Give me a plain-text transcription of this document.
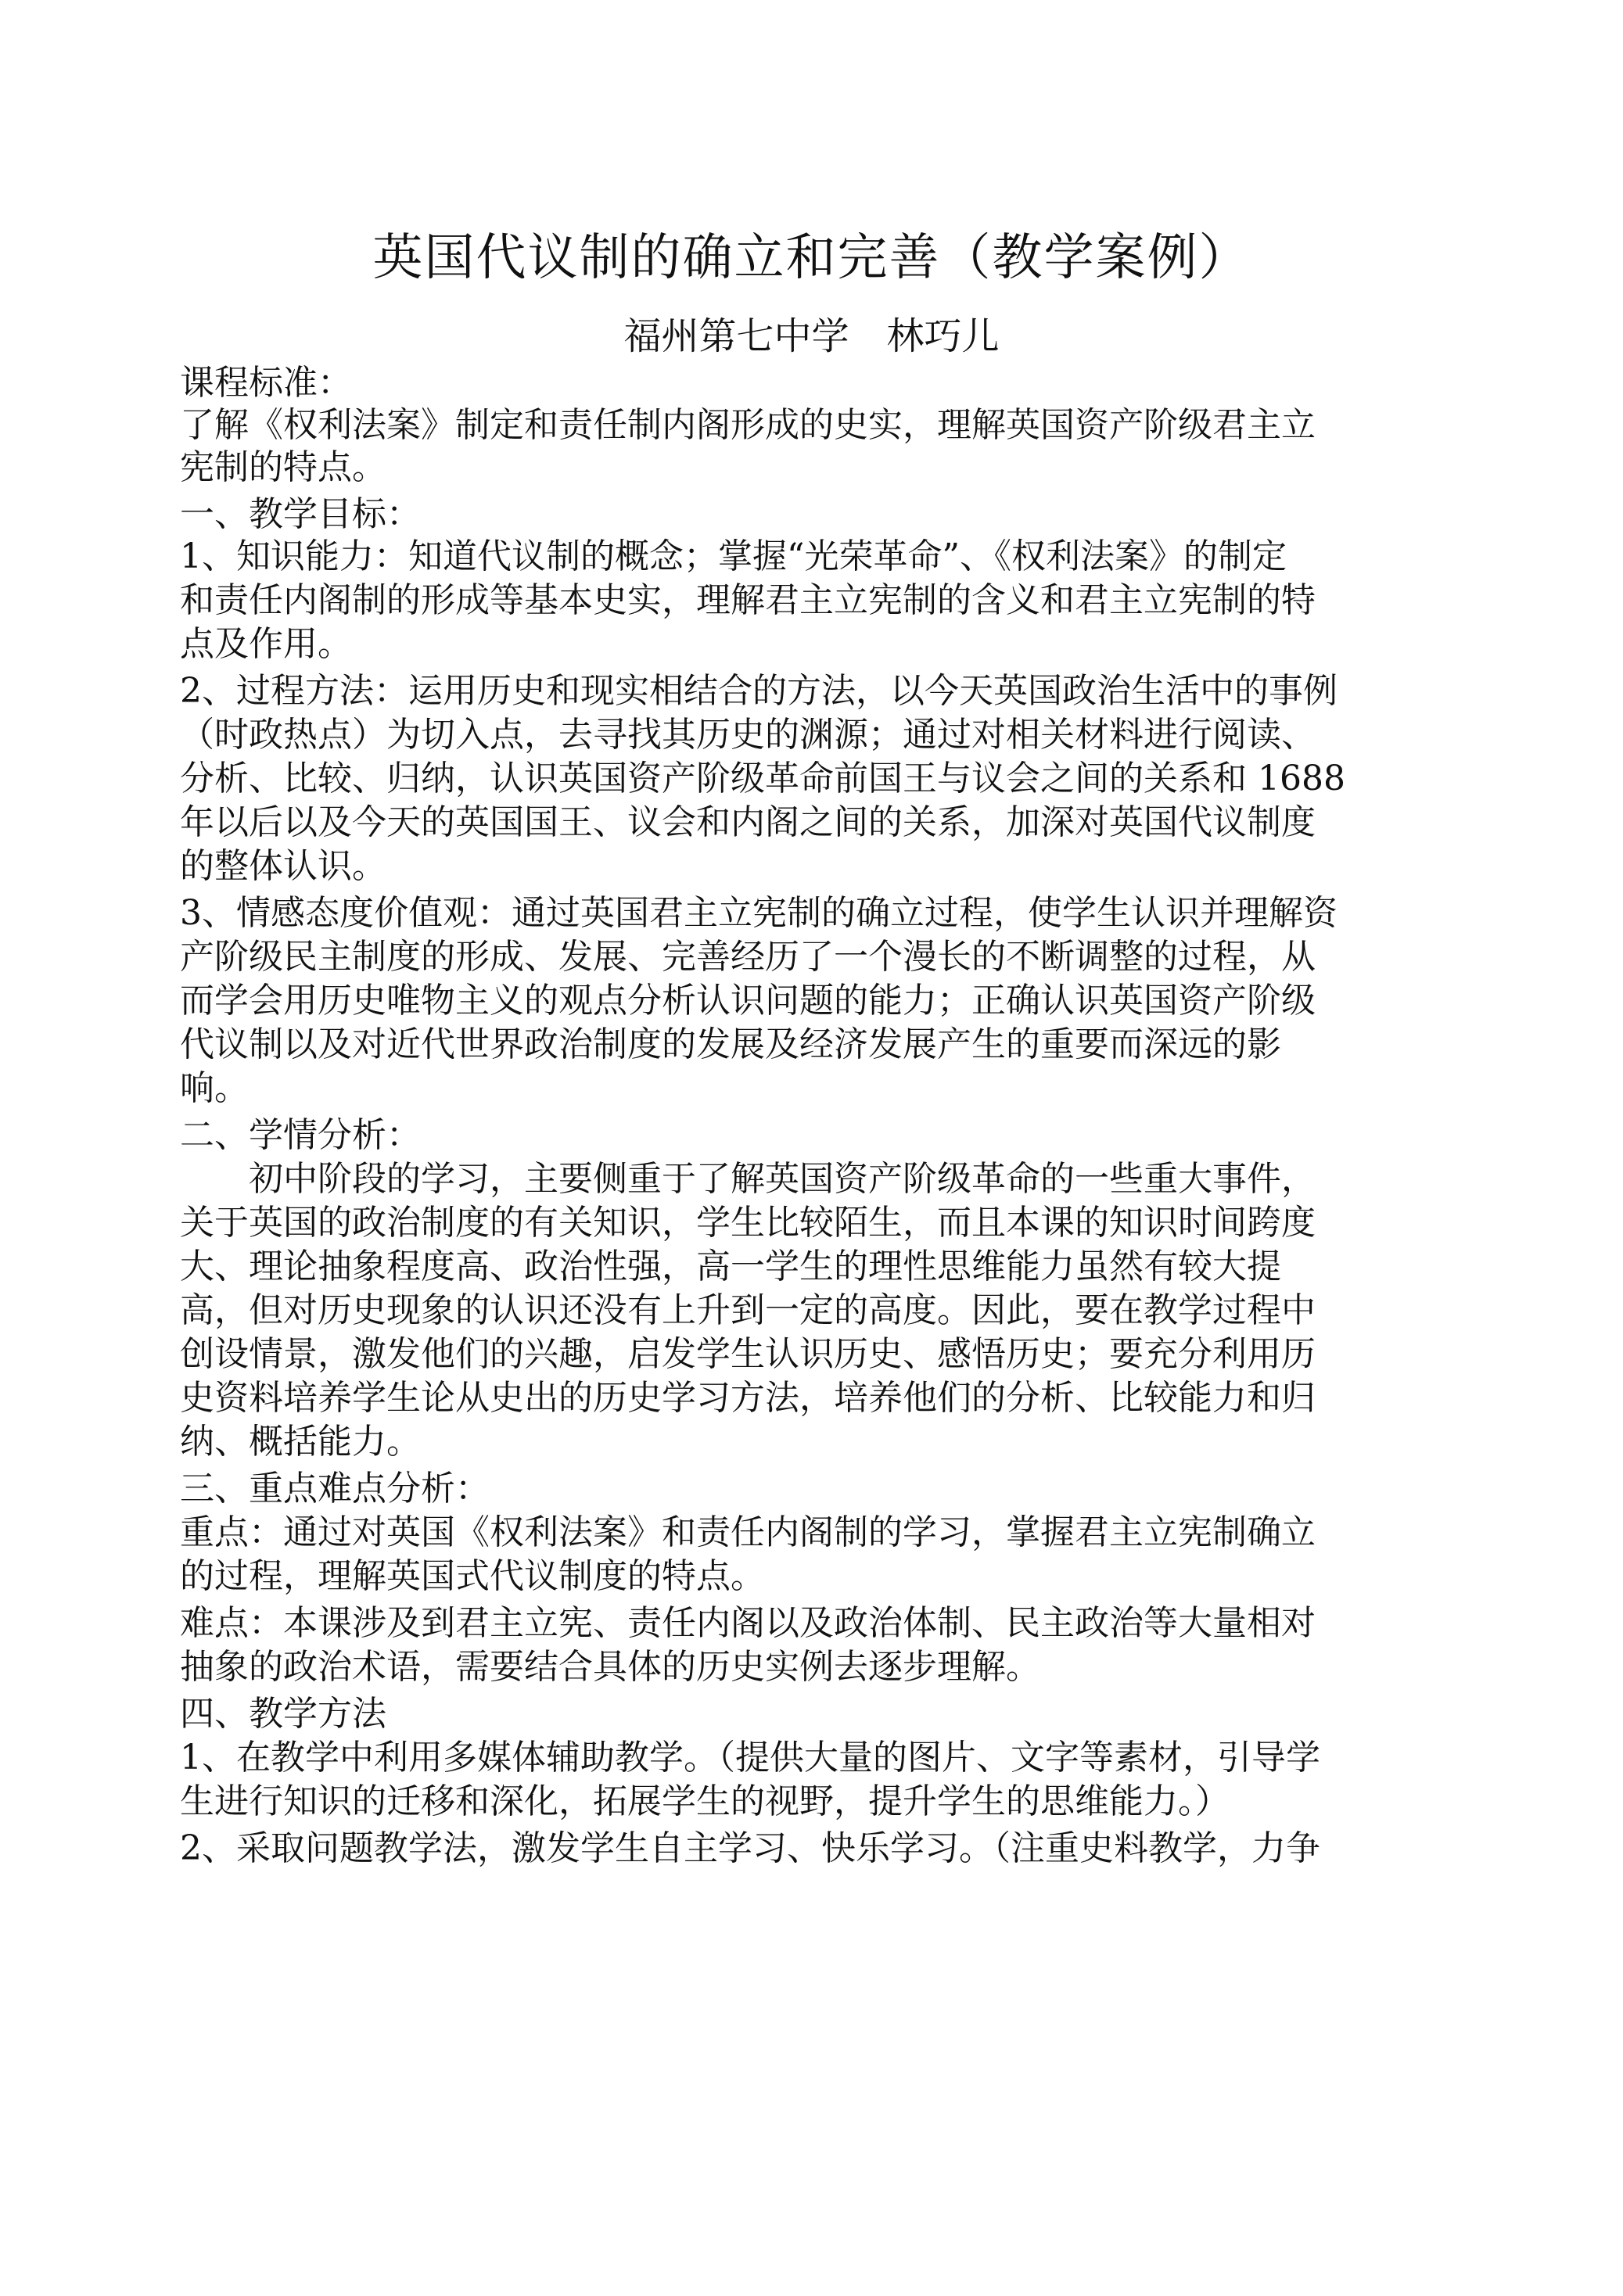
英国代议制的确立和完善（教学案例）
福州第七中学　林巧儿
课程标准：
了解《权利法案》制定和责任制内阁形成的史实，理解英国资产阶级君主立
宪制的特点。
一、教学目标：
1、知识能力：知道代议制的概念；掌握“光荣革命”、《权利法案》的制定
和责任内阁制的形成等基本史实，理解君主立宪制的含义和君主立宪制的特
点及作用。
2、过程方法：运用历史和现实相结合的方法，以今天英国政治生活中的事例
（时政热点）为切入点，去寻找其历史的渊源；通过对相关材料进行阅读、
分析、比较、归纳，认识英国资产阶级革命前国王与议会之间的关系和 1688
年以后以及今天的英国国王、议会和内阁之间的关系，加深对英国代议制度
的整体认识。
3、情感态度价值观：通过英国君主立宪制的确立过程，使学生认识并理解资
产阶级民主制度的形成、发展、完善经历了一个漫长的不断调整的过程，从
而学会用历史唯物主义的观点分析认识问题的能力；正确认识英国资产阶级
代议制以及对近代世界政治制度的发展及经济发展产生的重要而深远的影
响。
二、学情分析：
　　初中阶段的学习，主要侧重于了解英国资产阶级革命的一些重大事件，
关于英国的政治制度的有关知识，学生比较陌生，而且本课的知识时间跨度
大、理论抽象程度高、政治性强，高一学生的理性思维能力虽然有较大提
高，但对历史现象的认识还没有上升到一定的高度。因此，要在教学过程中
创设情景，激发他们的兴趣，启发学生认识历史、感悟历史；要充分利用历
史资料培养学生论从史出的历史学习方法，培养他们的分析、比较能力和归
纳、概括能力。
三、重点难点分析：
重点：通过对英国《权利法案》和责任内阁制的学习，掌握君主立宪制确立
的过程，理解英国式代议制度的特点。
难点：本课涉及到君主立宪、责任内阁以及政治体制、民主政治等大量相对
抽象的政治术语，需要结合具体的历史实例去逐步理解。
四、教学方法
1、在教学中利用多媒体辅助教学。（提供大量的图片、文字等素材，引导学
生进行知识的迁移和深化，拓展学生的视野，提升学生的思维能力。）
2、采取问题教学法，激发学生自主学习、快乐学习。（注重史料教学，力争
